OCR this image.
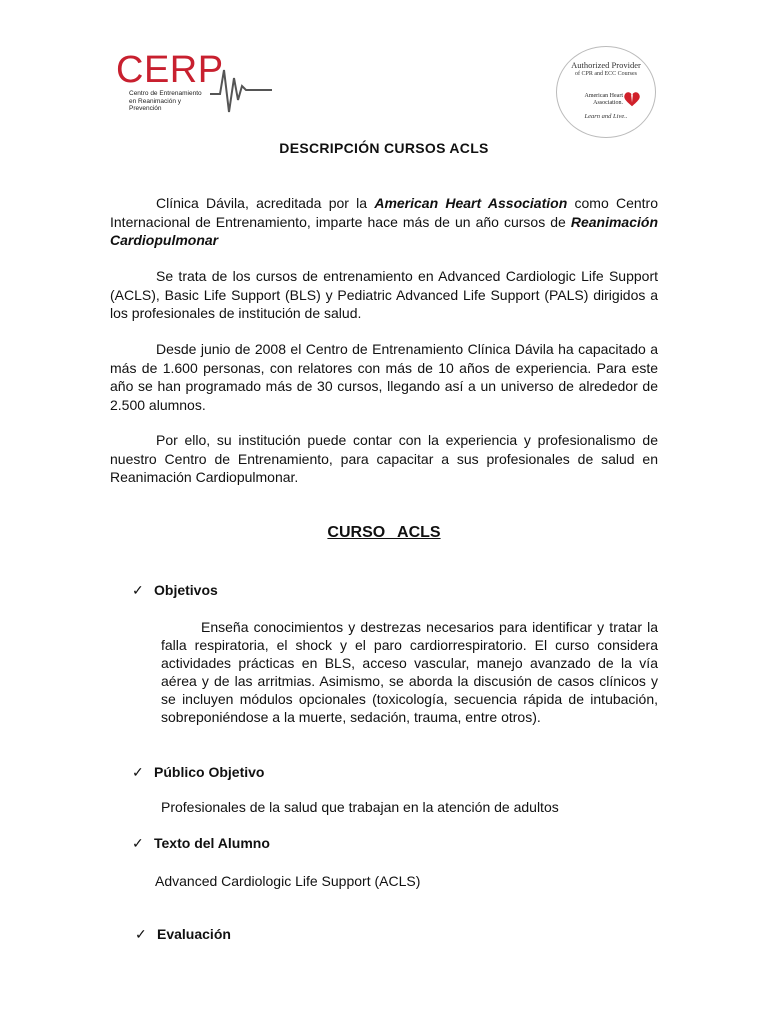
CERP
Centro de Entrenamiento
en Reanimación y Prevención
Authorized Provider
of CPR and ECC Courses
American Heart
Association.
Learn and Live..
DESCRIPCIÓN CURSOS ACLS

Clínica Dávila, acreditada por la American Heart Association como Centro Internacional de Entrenamiento, imparte hace más de un año cursos de Reanimación Cardiopulmonar

Se trata de los cursos de entrenamiento en Advanced Cardiologic Life Support (ACLS), Basic Life Support (BLS) y Pediatric Advanced Life Support (PALS) dirigidos a los profesionales de institución de salud.

Desde junio de 2008 el Centro de Entrenamiento Clínica Dávila ha capacitado a más de 1.600 personas, con relatores con más de 10 años de experiencia. Para este año se han programado más de 30 cursos, llegando así a un universo de alrededor de 2.500 alumnos.

Por ello, su institución puede contar con la experiencia y profesionalismo de nuestro Centro de Entrenamiento, para capacitar a sus profesionales de salud en Reanimación Cardiopulmonar.

CURSO ACLS
✓ Objetivos

Enseña conocimientos y destrezas necesarios para identificar y tratar la falla respiratoria, el shock y el paro cardiorrespiratorio. El curso considera actividades prácticas en BLS, acceso vascular, manejo avanzado de la vía aérea y de las arritmias. Asimismo, se aborda la discusión de casos clínicos y se incluyen módulos opcionales (toxicología, secuencia rápida de intubación, sobreponiéndose a la muerte, sedación, trauma, entre otros).

✓ Público Objetivo

Profesionales de la salud que trabajan en la atención de adultos

✓ Texto del Alumno

Advanced Cardiologic Life Support (ACLS)

✓ Evaluación
